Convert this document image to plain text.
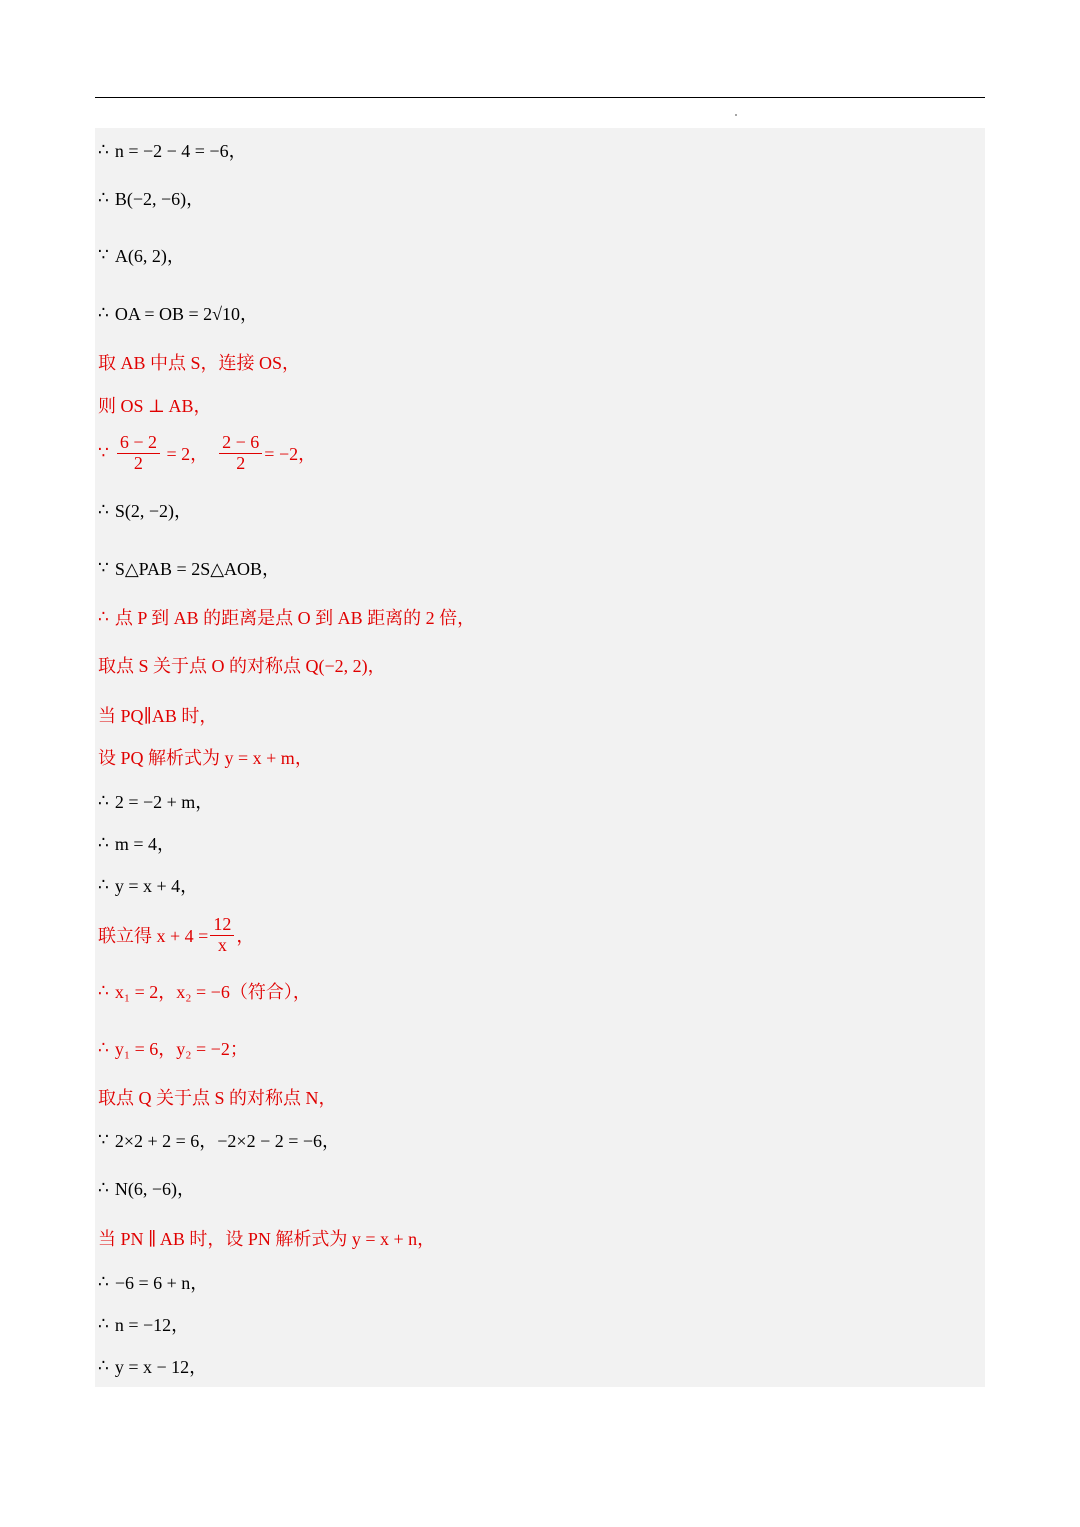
∴ n = −2 − 4 = −6，
∴ B(−2, −6)，
∵ A(6, 2)，
∴ OA = OB = 2√10，
取 AB 中点 S，连接 OS，
则 OS ⊥ AB，
∵ $\frac{6 - 2}{2} = 2$， $\frac{2 - 6}{2} = -2$，
∴ S(2, −2)，
∵ S△PAB = 2S△AOB，
∴ 点 P 到 AB 的距离是点 O 到 AB 距离的 2 倍，
取点 S 关于点 O 的对称点 Q(−2, 2)，
当 PQ∥AB 时，
设 PQ 解析式为 y = x + m，
∴ 2 = −2 + m，
∴ m = 4，
∴ y = x + 4，
联立得 $x + 4 = \frac{12}{x}$ ，
∴ x₁ = 2，x₂ = −6（符合），
∴ y₁ = 6，y₂ = −2；
取点 Q 关于点 S 的对称点 N，
∵ 2×2 + 2 = 6，−2×2 − 2 = −6，
∴ N(6, −6)，
当 PN ∥ AB 时，设 PN 解析式为 y = x + n，
∴ −6 = 6 + n，
∴ n = −12，
∴ y = x − 12，
